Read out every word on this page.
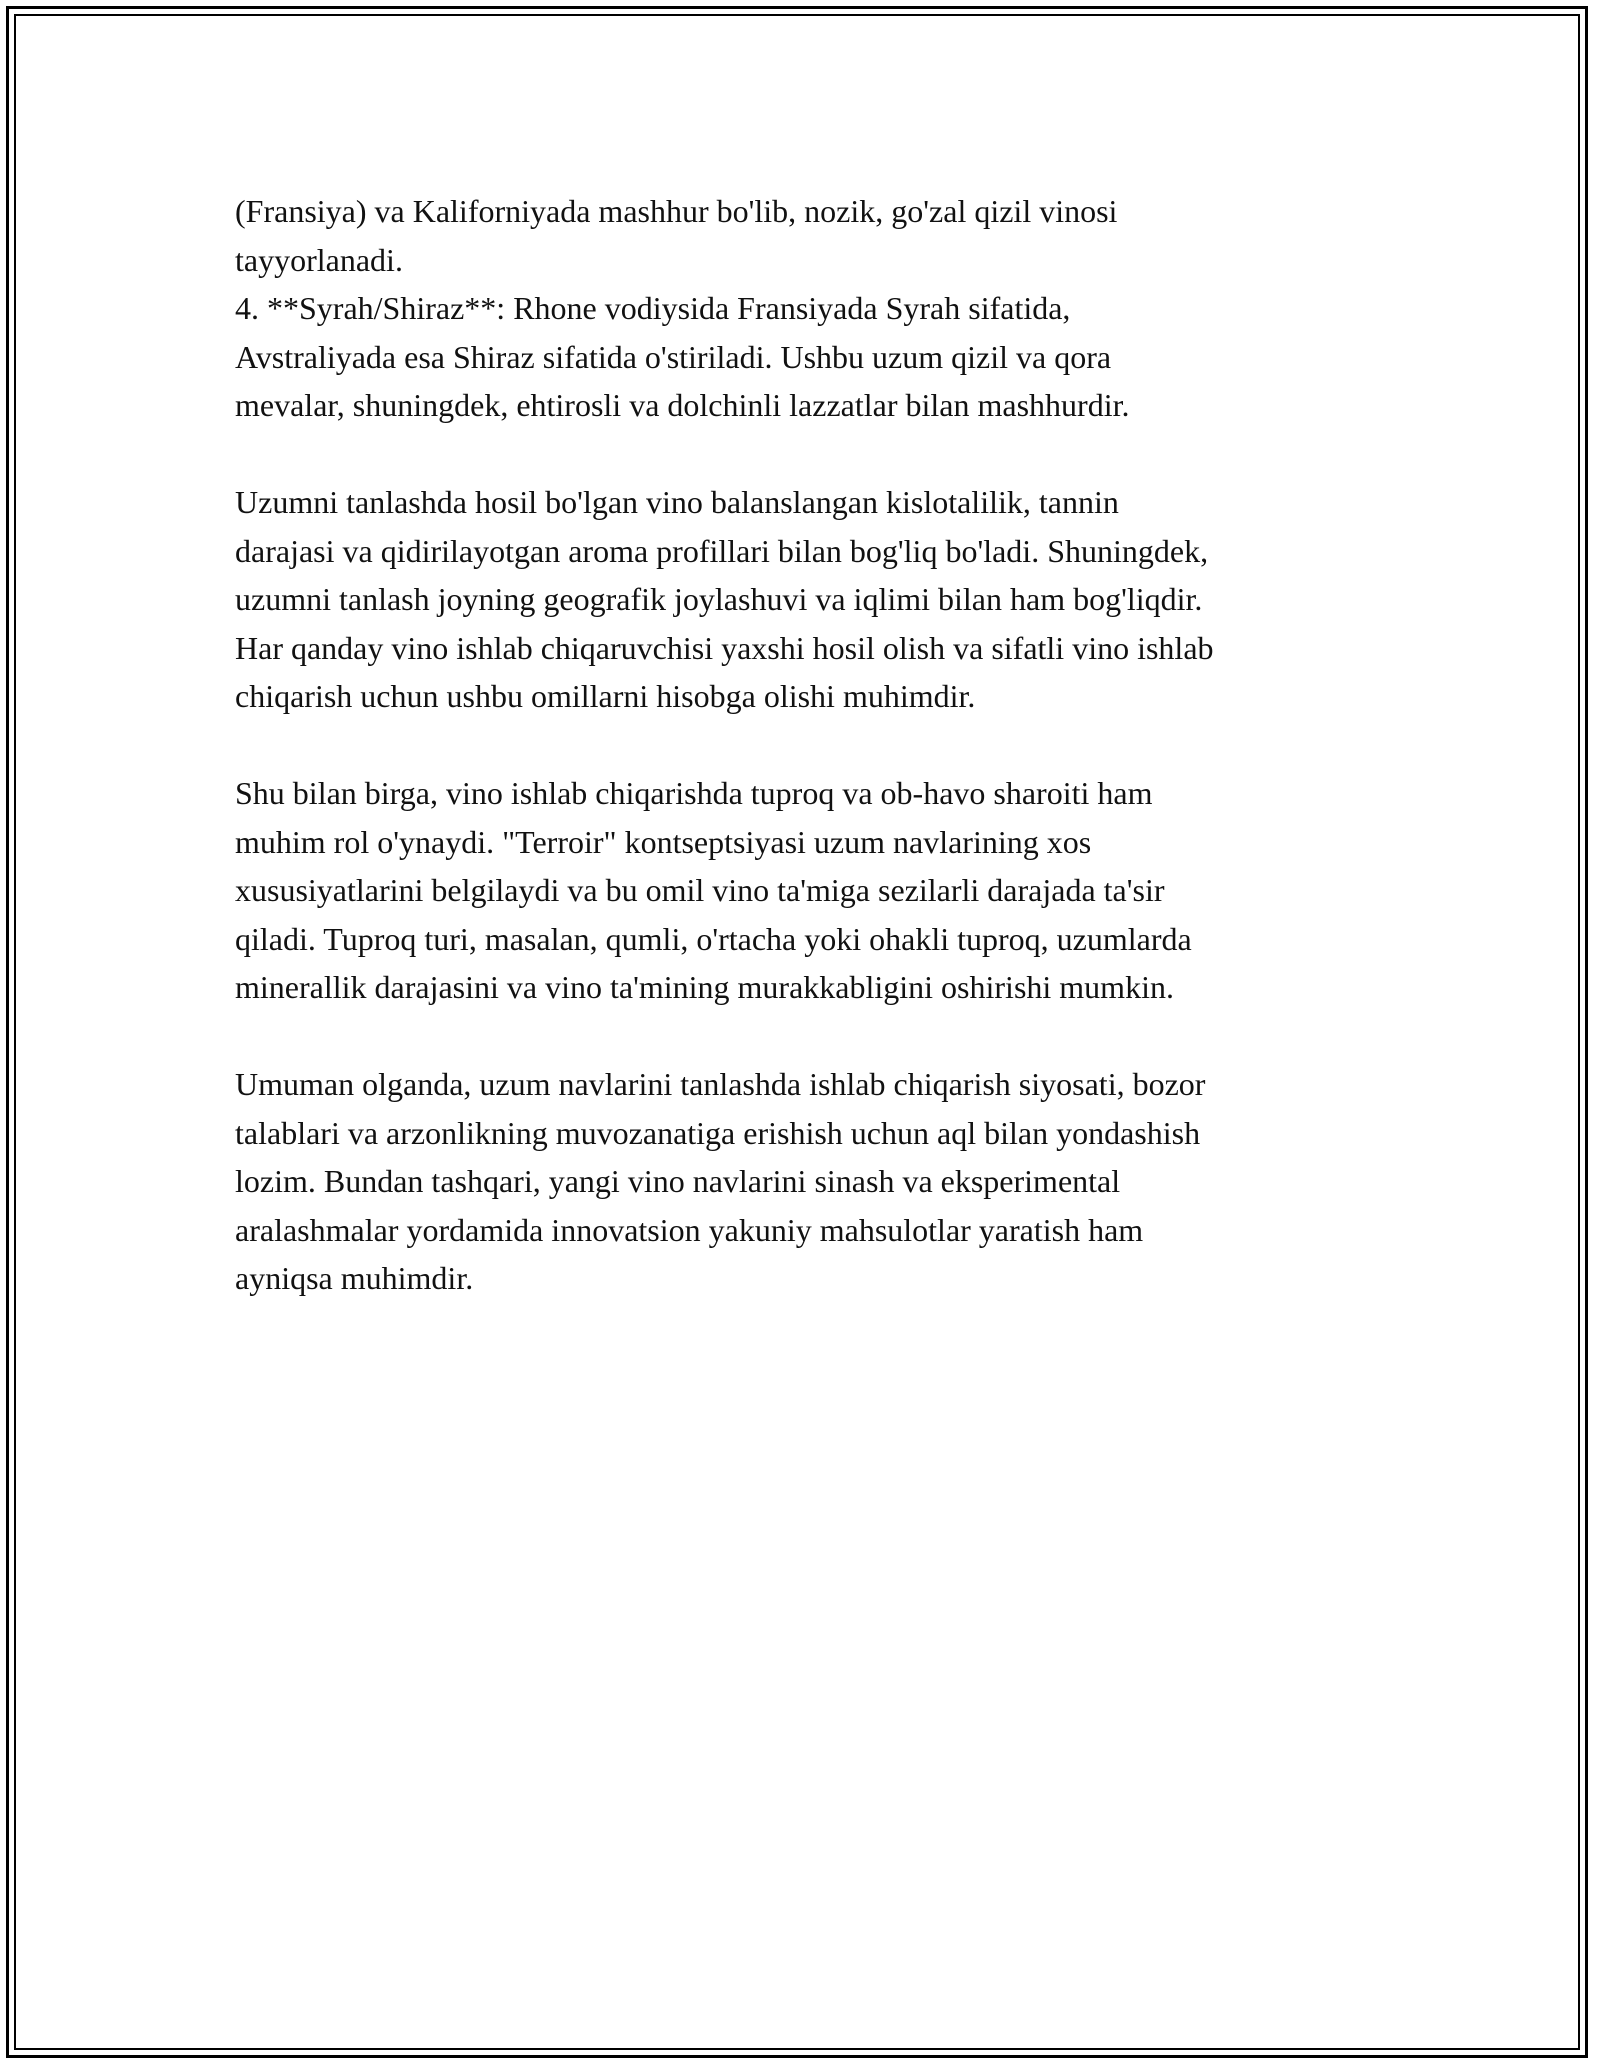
(Fransiya) va Kaliforniyada mashhur bo'lib, nozik, go'zal qizil vinosi
tayyorlanadi.
4. **Syrah/Shiraz**: Rhone vodiysida Fransiyada Syrah sifatida,
Avstraliyada esa Shiraz sifatida o'stiriladi. Ushbu uzum qizil va qora
mevalar, shuningdek, ehtirosli va dolchinli lazzatlar bilan mashhurdir.
Uzumni tanlashda hosil bo'lgan vino balanslangan kislotalilik, tannin
darajasi va qidirilayotgan aroma profillari bilan bog'liq bo'ladi. Shuningdek,
uzumni tanlash joyning geografik joylashuvi va iqlimi bilan ham bog'liqdir.
Har qanday vino ishlab chiqaruvchisi yaxshi hosil olish va sifatli vino ishlab
chiqarish uchun ushbu omillarni hisobga olishi muhimdir.
Shu bilan birga, vino ishlab chiqarishda tuproq va ob-havo sharoiti ham
muhim rol o'ynaydi. "Terroir" kontseptsiyasi uzum navlarining xos
xususiyatlarini belgilaydi va bu omil vino ta'miga sezilarli darajada ta'sir
qiladi. Tuproq turi, masalan, qumli, o'rtacha yoki ohakli tuproq, uzumlarda
minerallik darajasini va vino ta'mining murakkabligini oshirishi mumkin.
Umuman olganda, uzum navlarini tanlashda ishlab chiqarish siyosati, bozor
talablari va arzonlikning muvozanatiga erishish uchun aql bilan yondashish
lozim. Bundan tashqari, yangi vino navlarini sinash va eksperimental
aralashmalar yordamida innovatsion yakuniy mahsulotlar yaratish ham
ayniqsa muhimdir.
